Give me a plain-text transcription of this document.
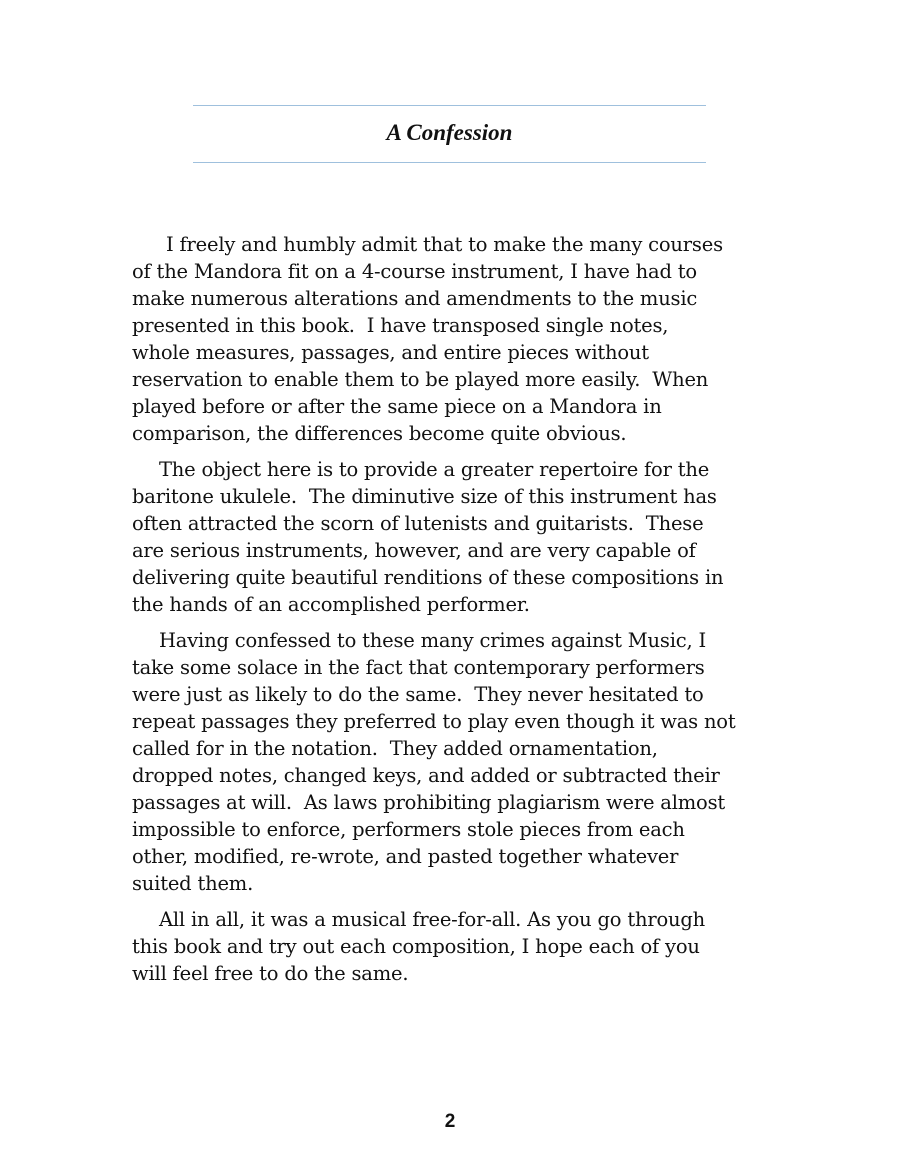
A Confession

I freely and humbly admit that to make the many courses
of the Mandora fit on a 4-course instrument, I have had to
make numerous alterations and amendments to the music
presented in this book.  I have transposed single notes,
whole measures, passages, and entire pieces without
reservation to enable them to be played more easily.  When
played before or after the same piece on a Mandora in
comparison, the differences become quite obvious.

The object here is to provide a greater repertoire for the
baritone ukulele.  The diminutive size of this instrument has
often attracted the scorn of lutenists and guitarists.  These
are serious instruments, however, and are very capable of
delivering quite beautiful renditions of these compositions in
the hands of an accomplished performer.

Having confessed to these many crimes against Music, I
take some solace in the fact that contemporary performers
were just as likely to do the same.  They never hesitated to
repeat passages they preferred to play even though it was not
called for in the notation.  They added ornamentation,
dropped notes, changed keys, and added or subtracted their
passages at will.  As laws prohibiting plagiarism were almost
impossible to enforce, performers stole pieces from each
other, modified, re-wrote, and pasted together whatever
suited them.

All in all, it was a musical free-for-all. As you go through
this book and try out each composition, I hope each of you
will feel free to do the same.

2
